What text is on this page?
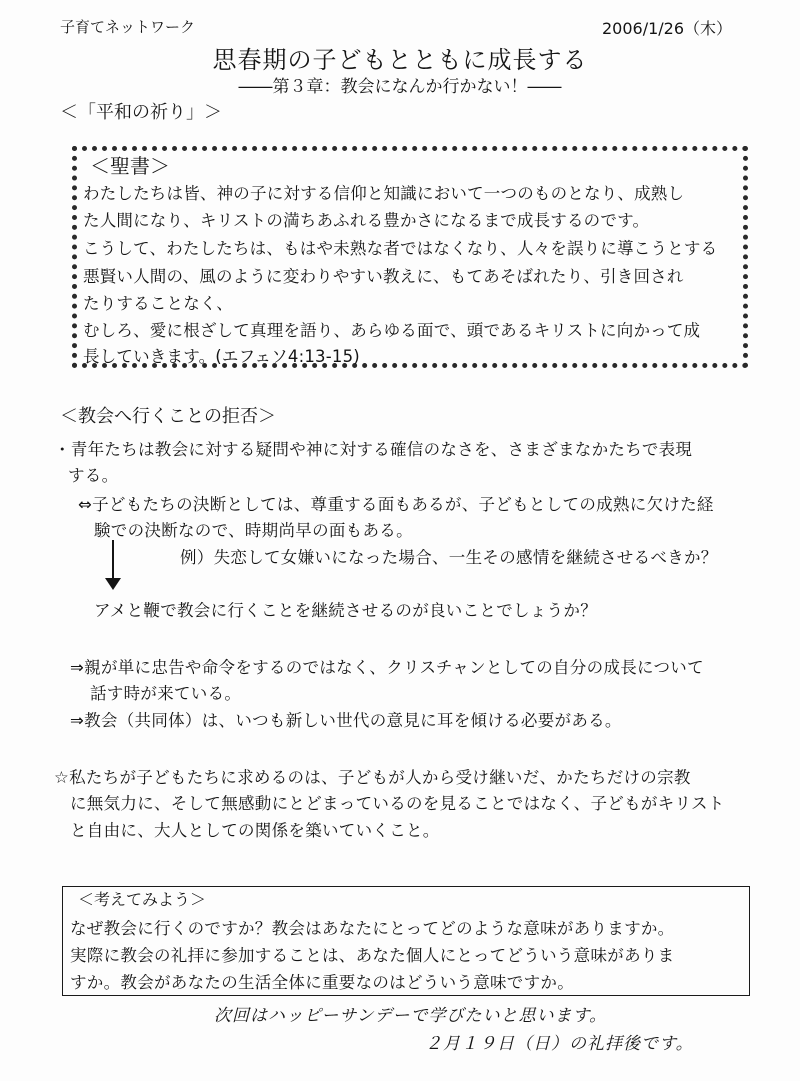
子育てネットワーク	2006/1/26（木）
思春期の子どもとともに成長する
――第３章：教会になんか行かない！――
＜「平和の祈り」＞
＜聖書＞
わたしたちは皆、神の子に対する信仰と知識において一つのものとなり、成熟し
た人間になり、キリストの満ちあふれる豊かさになるまで成長するのです。
こうして、わたしたちは、もはや未熟な者ではなくなり、人々を誤りに導こうとする
悪賢い人間の、風のように変わりやすい教えに、もてあそばれたり、引き回され
たりすることなく、
むしろ、愛に根ざして真理を語り、あらゆる面で、頭であるキリストに向かって成
長していきます。(エフェソ4:13-15)
＜教会へ行くことの拒否＞
・青年たちは教会に対する疑問や神に対する確信のなさを、さまざまなかたちで表現
する。
⇔子どもたちの決断としては、尊重する面もあるが、子どもとしての成熟に欠けた経
験での決断なので、時期尚早の面もある。
例）失恋して女嫌いになった場合、一生その感情を継続させるべきか？
アメと鞭で教会に行くことを継続させるのが良いことでしょうか？
⇒親が単に忠告や命令をするのではなく、クリスチャンとしての自分の成長について
話す時が来ている。
⇒教会（共同体）は、いつも新しい世代の意見に耳を傾ける必要がある。
☆私たちが子どもたちに求めるのは、子どもが人から受け継いだ、かたちだけの宗教
に無気力に、そして無感動にとどまっているのを見ることではなく、子どもがキリスト
と自由に、大人としての関係を築いていくこと。
＜考えてみよう＞
なぜ教会に行くのですか？教会はあなたにとってどのような意味がありますか。
実際に教会の礼拝に参加することは、あなた個人にとってどういう意味がありま
すか。教会があなたの生活全体に重要なのはどういう意味ですか。
次回はハッピーサンデーで学びたいと思います。
２月１９日（日）の礼拝後です。
